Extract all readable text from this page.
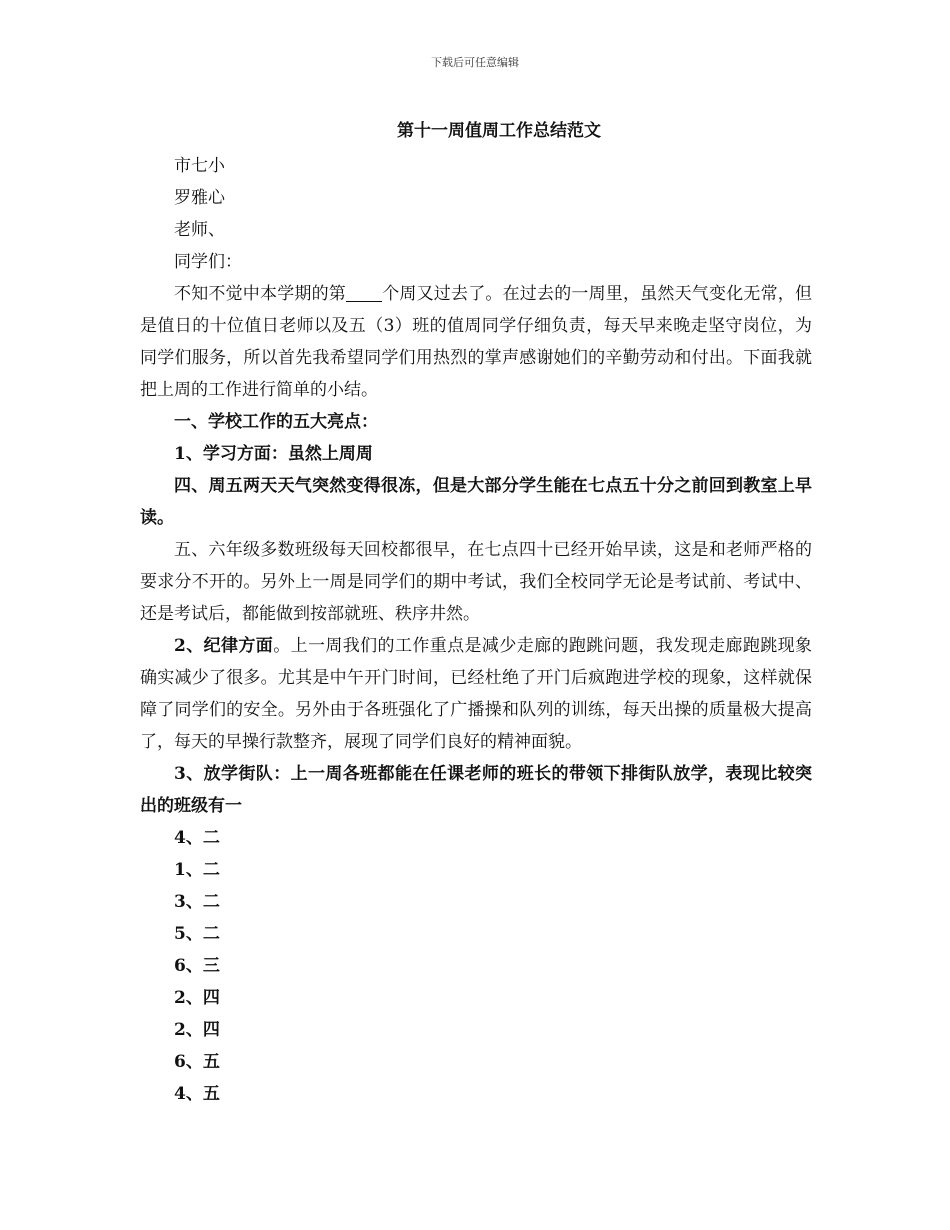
下载后可任意编辑
第十一周值周工作总结范文

市七小

罗雅心

老师、

同学们：

不知不觉中本学期的第 个周又过去了。在过去的一周里，虽然天气变化无常，但是值日的十位值日老师以及五（3）班的值周同学仔细负责，每天早来晚走坚守岗位，为同学们服务，所以首先我希望同学们用热烈的掌声感谢她们的辛勤劳动和付出。下面我就把上周的工作进行简单的小结。

一、学校工作的五大亮点：

1、学习方面：虽然上周周

四、周五两天天气突然变得很冻，但是大部分学生能在七点五十分之前回到教室上早读。

五、六年级多数班级每天回校都很早，在七点四十已经开始早读，这是和老师严格的要求分不开的。另外上一周是同学们的期中考试，我们全校同学无论是考试前、考试中、还是考试后，都能做到按部就班、秩序井然。

2、纪律方面。上一周我们的工作重点是减少走廊的跑跳问题，我发现走廊跑跳现象确实减少了很多。尤其是中午开门时间，已经杜绝了开门后疯跑进学校的现象，这样就保障了同学们的安全。另外由于各班强化了广播操和队列的训练，每天出操的质量极大提高了，每天的早操行款整齐，展现了同学们良好的精神面貌。

3、放学街队：上一周各班都能在任课老师的班长的带领下排街队放学，表现比较突出的班级有一

4、二

1、二

3、二

5、二

6、三

2、四

2、四

6、五

4、五
